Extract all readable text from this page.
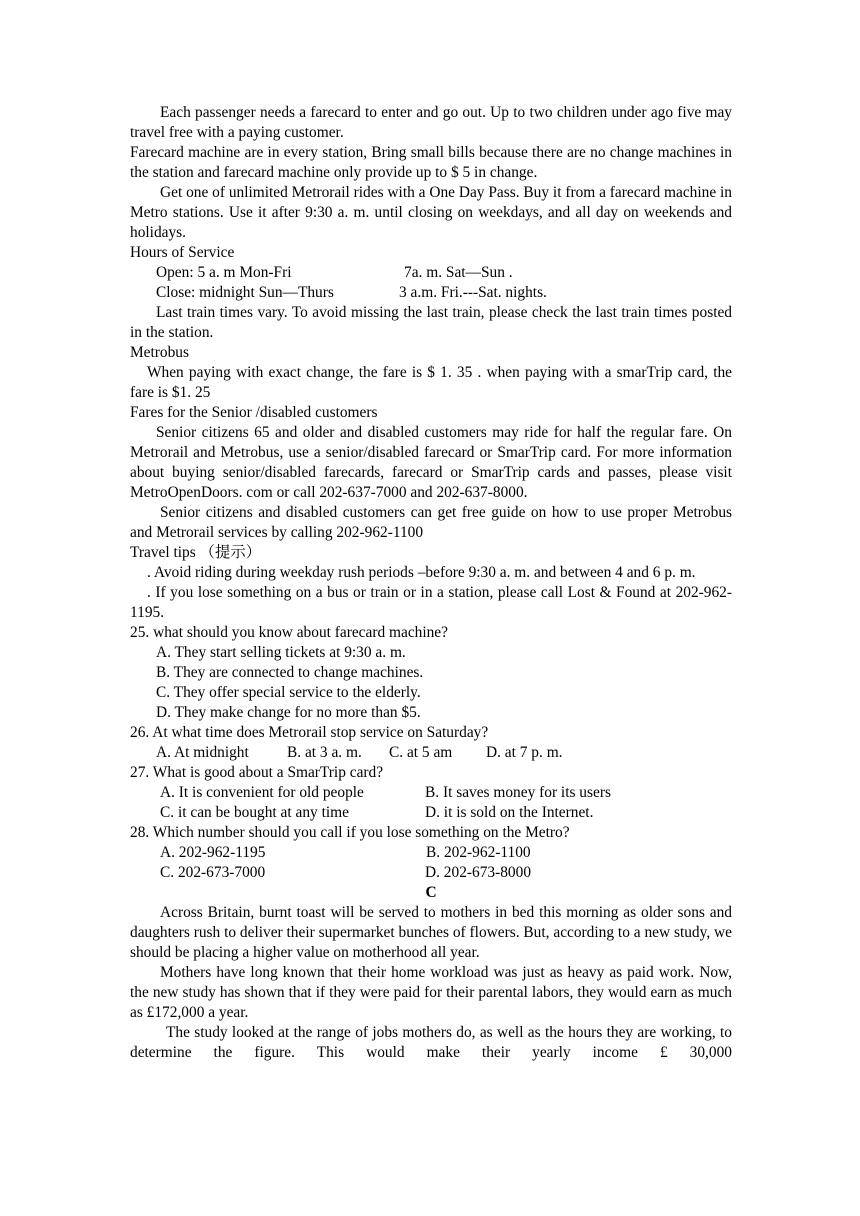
Each passenger needs a farecard to enter and go out. Up to two children under ago five may travel free with a paying customer.

Farecard machine are in every station, Bring small bills because there are no change machines in the station and farecard machine only provide up to $ 5 in change.

Get one of unlimited Metrorail rides with a One Day Pass. Buy it from a farecard machine in Metro stations. Use it after 9:30 a. m. until closing on weekdays, and all day on weekends and holidays.

Hours of Service

Open: 5 a. m Mon-Fri	7a. m. Sat—Sun .
Close: midnight Sun—Thurs	3 a.m. Fri.---Sat. nights.

Last train times vary. To avoid missing the last train, please check the last train times posted in the station.

Metrobus

When paying with exact change, the fare is $ 1. 35 . when paying with a smarTrip card, the fare is $1. 25

Fares for the Senior /disabled customers

Senior citizens 65 and older and disabled customers may ride for half the regular fare. On Metrorail and Metrobus, use a senior/disabled farecard or SmarTrip card. For more information about buying senior/disabled farecards, farecard or SmarTrip cards and passes, please visit MetroOpenDoors. com or call 202-637-7000 and 202-637-8000.

Senior citizens and disabled customers can get free guide on how to use proper Metrobus and Metrorail services by calling 202-962-1100

Travel tips （提示）

. Avoid riding during weekday rush periods –before 9:30 a. m. and between 4 and 6 p. m.

. If you lose something on a bus or train or in a station, please call Lost & Found at 202-962-1195.

25. what should you know about farecard machine?

A. They start selling tickets at 9:30 a. m.

B. They are connected to change machines.

C. They offer special service to the elderly.

D. They make change for no more than $5.

26. At what time does Metrorail stop service on Saturday?

A. At midnight	B. at 3 a. m.	C. at 5 am	D. at 7 p. m.

27. What is good about a SmarTrip card?

A. It is convenient for old people	B. It saves money for its users
C. it can be bought at any time	D. it is sold on the Internet.

28. Which number should you call if you lose something on the Metro?

A. 202-962-1195	B. 202-962-1100
C. 202-673-7000	D. 202-673-8000

C

Across Britain, burnt toast will be served to mothers in bed this morning as older sons and daughters rush to deliver their supermarket bunches of flowers. But, according to a new study, we should be placing a higher value on motherhood all year.

Mothers have long known that their home workload was just as heavy as paid work. Now, the new study has shown that if they were paid for their parental labors, they would earn as much as £172,000 a year.

The study looked at the range of jobs mothers do, as well as the hours they are working, to determine the figure. This would make their yearly income £ 30,000
